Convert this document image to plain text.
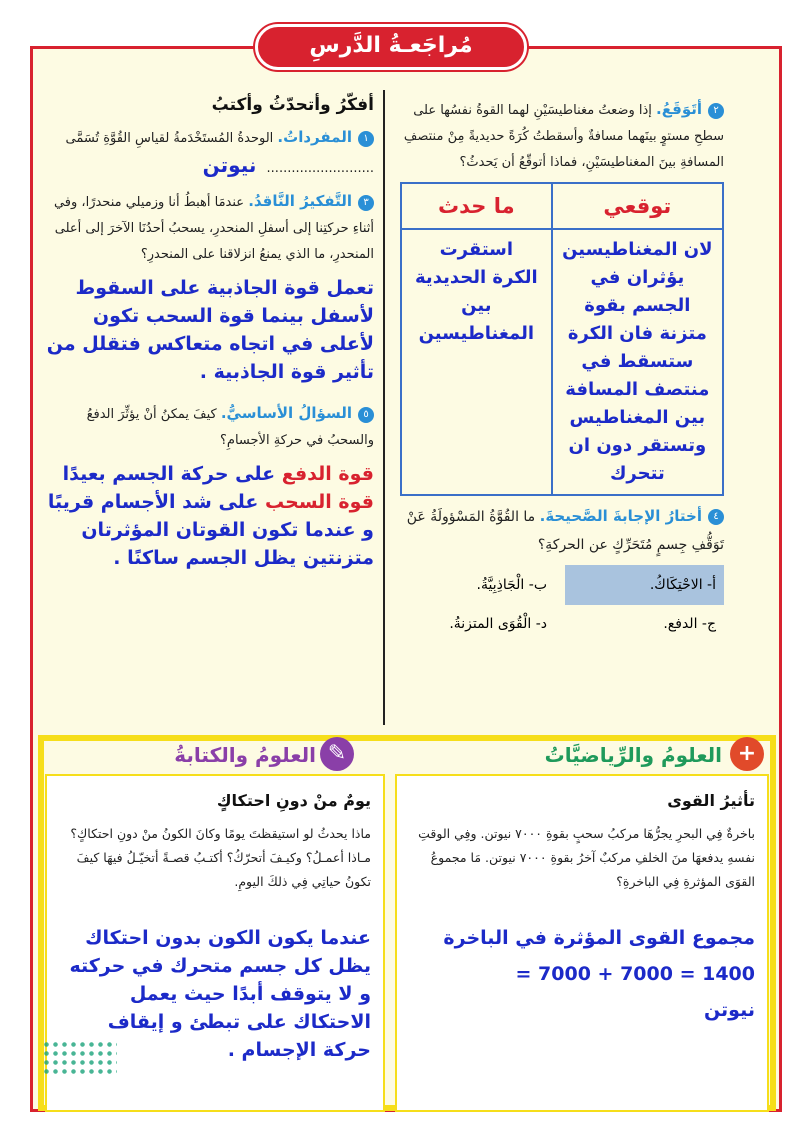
مُراجَعـةُ الدَّرسِ
٢أتَوَقَعُ. إذا وضعتُ مغناطيسَيْنِ لهما القوةُ نفسُها على سطحِ مستوٍ بينَهما مسافةٌ وأسقطتُ كُرَةً حديديةً مِنْ منتصفِ المسافةِ بينَ المغناطيسَيْنِ، فماذا أتوقّعُ أن يَحدثُ؟
توقعي	ما حدث
لان المغناطيسين يؤثران في الجسم بقوة متزنة فان الكرة ستسقط في منتصف المسافة بين المغناطيس وتستقر دون ان تتحرك	استقرت الكرة الحديدية بين المغناطيسين
٤أختارُ الإجابةَ الصَّحيحةَ. ما القُوَّةُ المَسْؤولَةُ عَنْ تَوَقُّفِ جِسمٍ مُتَحَرِّكٍ عن الحركةِ؟
أ- الاحْتِكَاكُ.
ب- الْجَاذِبِيَّةُ.
ج- الدفع.
د- الْقُوَى المتزنةُ.
أفكّرُ وأتحدّثُ وأكتبُ
١المفرداتُ. الوحدةُ المُستَخْدَمةُ لقياسِ القُوَّةِ تُسَمَّى .......................... نيوتن
٣التَّفكيرُ النَّاقدُ. عندمَا أهبطُ أنا وزميلي منحدرًا، وفي أثناءِ حركتِنا إلى أسفلِ المنحدرِ، يسحبُ أحدُنَا الآخرَ إلى أعلى المنحدرِ، ما الذي يمنعُ انزلاقنا على المنحدرِ؟
تعمل قوة الجاذبية على السقوط لأسفل بينما قوة السحب تكون لأعلى في اتجاه متعاكس فتقلل من تأثير قوة الجاذبية .
٥السؤالُ الأساسيُّ. كيفَ يمكنُ أنْ يؤثِّرَ الدفعُ والسحبُ في حركةِ الأجسامِ؟
قوة الدفع على حركة الجسم بعيدًا قوة السحب على شد الأجسام قريبًا و عندما تكون القوتان المؤثرتان متزنتين يظل الجسم ساكنًا .
+
العلومُ والرِّياضيَّاتُ
✎
العلومُ والكتابةُ
تأثيرُ القوى
باخرةٌ فِي البحرِ يجرُّهَا مركبُ سحبٍ بقوةِ ٧٠٠٠ نيوتن. وفِي الوقتِ نفسهِ يدفعهَا منَ الخلفِ مركبٌ آخرُ بقوةِ ٧٠٠٠ نيوتن. مَا مجموعُ القوَى المؤثرةِ فِي الباخرةِ؟
مجموع القوى المؤثرة في الباخرة
= 7000 + 7000 = 1400
نيوتن
يومٌ منْ دونِ احتكاكٍ
ماذا يحدثُ لو استيقظتَ يومًا وكانَ الكونُ منْ دونِ احتكاكٍ؟ مـاذا أعمـلُ؟ وكيـفَ أتحرّكُ؟ أكتـبُ قصـةً أتخيّـلُ فيهَا كيفَ تكونُ حياتِي فِي ذلكَ اليومِ.
عندما يكون الكون بدون احتكاك يظل كل جسم متحرك في حركته و لا يتوقف أبدًا حيث يعمل الاحتكاك على تبطئ و إيقاف حركة الإجسام .
